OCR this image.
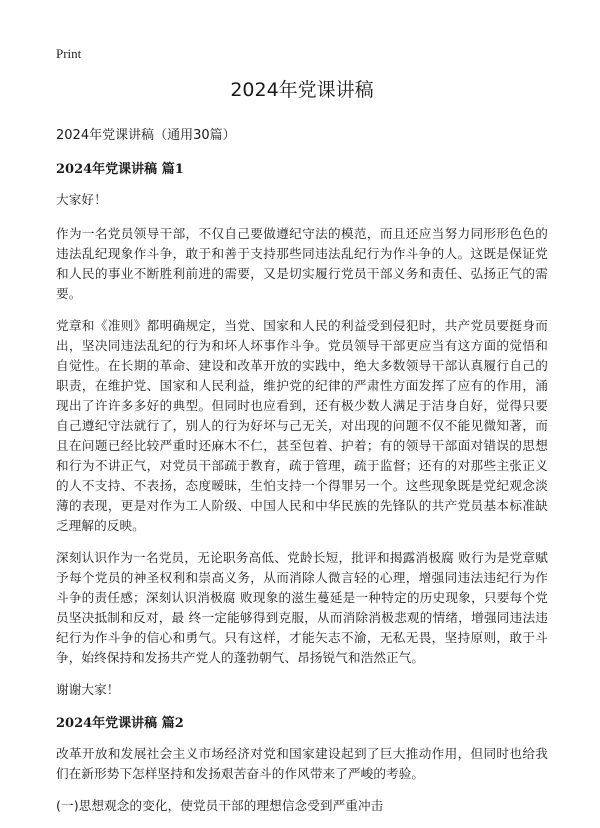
Print
2024年党课讲稿
2024年党课讲稿（通用30篇）
2024年党课讲稿 篇1
大家好！
作为一名党员领导干部，不仅自己要做遵纪守法的模范，而且还应当努力同形形色色的违法乱纪现象作斗争，敢于和善于支持那些同违法乱纪行为作斗争的人。这既是保证党和人民的事业不断胜利前进的需要，又是切实履行党员干部义务和责任、弘扬正气的需要。
党章和《准则》都明确规定，当党、国家和人民的利益受到侵犯时，共产党员要挺身而出，坚决同违法乱纪的行为和坏人坏事作斗争。党员领导干部更应当有这方面的觉悟和自觉性。在长期的革命、建设和改革开放的实践中，绝大多数领导干部认真履行自己的职责，在维护党、国家和人民利益，维护党的纪律的严肃性方面发挥了应有的作用，涌现出了许许多多好的典型。但同时也应看到，还有极少数人满足于洁身自好，觉得只要自己遵纪守法就行了，别人的行为好坏与己无关，对出现的问题不仅不能见微知著，而且在问题已经比较严重时还麻木不仁，甚至包着、护着；有的领导干部面对错误的思想和行为不讲正气，对党员干部疏于教育，疏于管理，疏于监督；还有的对那些主张正义的人不支持、不表扬，态度暧昧，生怕支持一个得罪另一个。这些现象既是党纪观念淡薄的表现，更是对作为工人阶级、中国人民和中华民族的先锋队的共产党员基本标准缺乏理解的反映。
深刻认识作为一名党员，无论职务高低、党龄长短，批评和揭露消极腐 败行为是党章赋予每个党员的神圣权利和崇高义务，从而消除人微言轻的心理，增强同违法违纪行为作斗争的责任感；深刻认识消极腐 败现象的滋生蔓延是一种特定的历史现象，只要每个党员坚决抵制和反对，最 终一定能够得到克服，从而消除消极悲观的情绪，增强同违法违纪行为作斗争的信心和勇气。只有这样，才能矢志不渝，无私无畏，坚持原则，敢于斗争，始终保持和发扬共产党人的蓬勃朝气、昂扬锐气和浩然正气。
谢谢大家！
2024年党课讲稿 篇2
改革开放和发展社会主义市场经济对党和国家建设起到了巨大推动作用，但同时也给我们在新形势下怎样坚持和发扬艰苦奋斗的作风带来了严峻的考验。
(一)思想观念的变化，使党员干部的理想信念受到严重冲击
